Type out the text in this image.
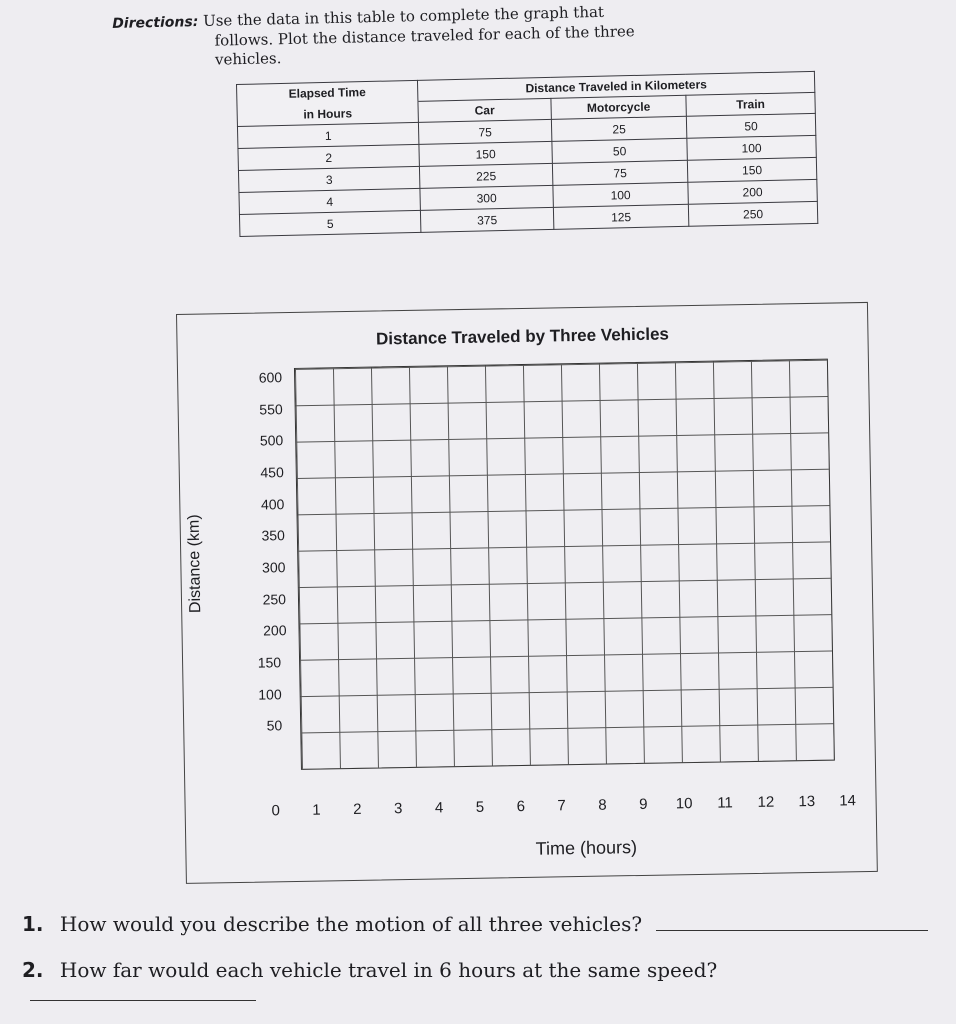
Directions: Use the data in this table to complete the graph that
follows. Plot the distance traveled for each of the three
vehicles.
Elapsed Time	Distance Traveled in Kilometers		
in Hours	Car	Motorcycle	Train
1	75	25	50
2	150	50	100
3	225	75	150
4	300	100	200
5	375	125	250
Distance Traveled by Three Vehicles
Distance (km)
50
100
150
200
250
300
350
400
450
500
550
600
0	1	2	3	4	5	6	7	8	9	10 11 12 13 14
Time (hours)
1. How would you describe the motion of all three vehicles?
2. How far would each vehicle travel in 6 hours at the same speed?
